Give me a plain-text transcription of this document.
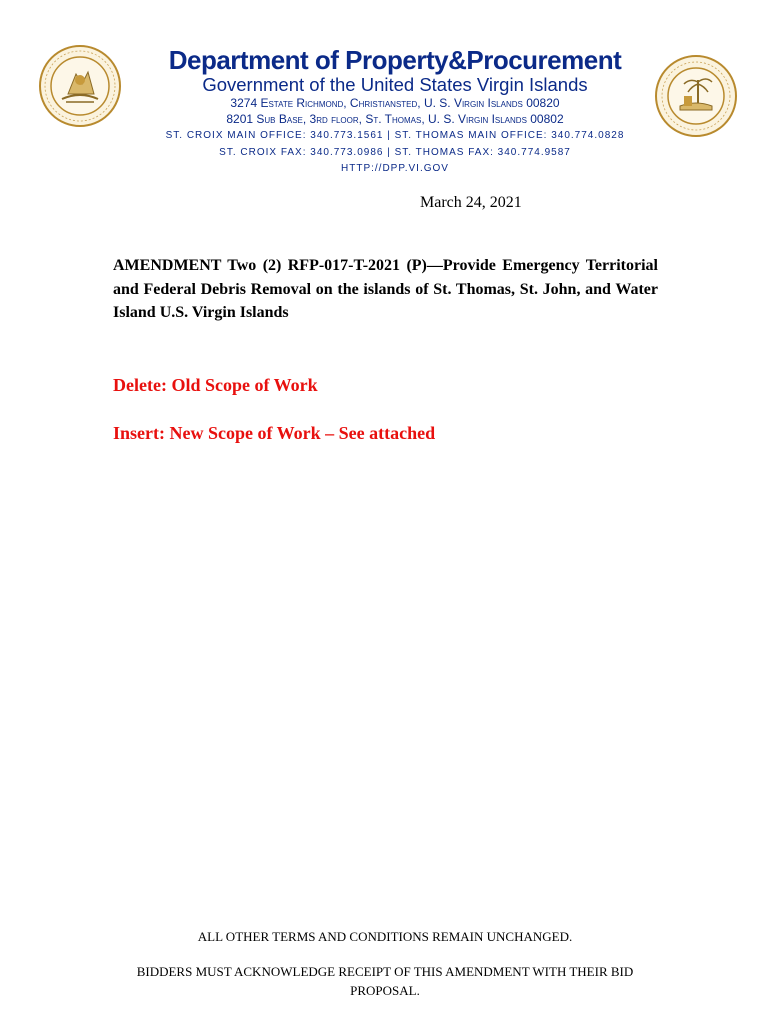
Department of Property&Procurement
Government of the United States Virgin Islands
3274 Estate Richmond, Christiansted, U. S. Virgin Islands 00820
8201 Sub Base, 3rd floor, St. Thomas, U. S. Virgin Islands 00802
ST. CROIX MAIN OFFICE: 340.773.1561 | ST. THOMAS MAIN OFFICE: 340.774.0828
ST. CROIX FAX: 340.773.0986 | ST. THOMAS FAX: 340.774.9587
HTTP://DPP.VI.GOV
March 24, 2021
AMENDMENT Two (2) RFP-017-T-2021 (P)—Provide Emergency Territorial and Federal Debris Removal on the islands of St. Thomas, St. John, and Water Island U.S. Virgin Islands
Delete: Old Scope of Work
Insert: New Scope of Work – See attached
ALL OTHER TERMS AND CONDITIONS REMAIN UNCHANGED.
BIDDERS MUST ACKNOWLEDGE RECEIPT OF THIS AMENDMENT WITH THEIR BID PROPOSAL.
